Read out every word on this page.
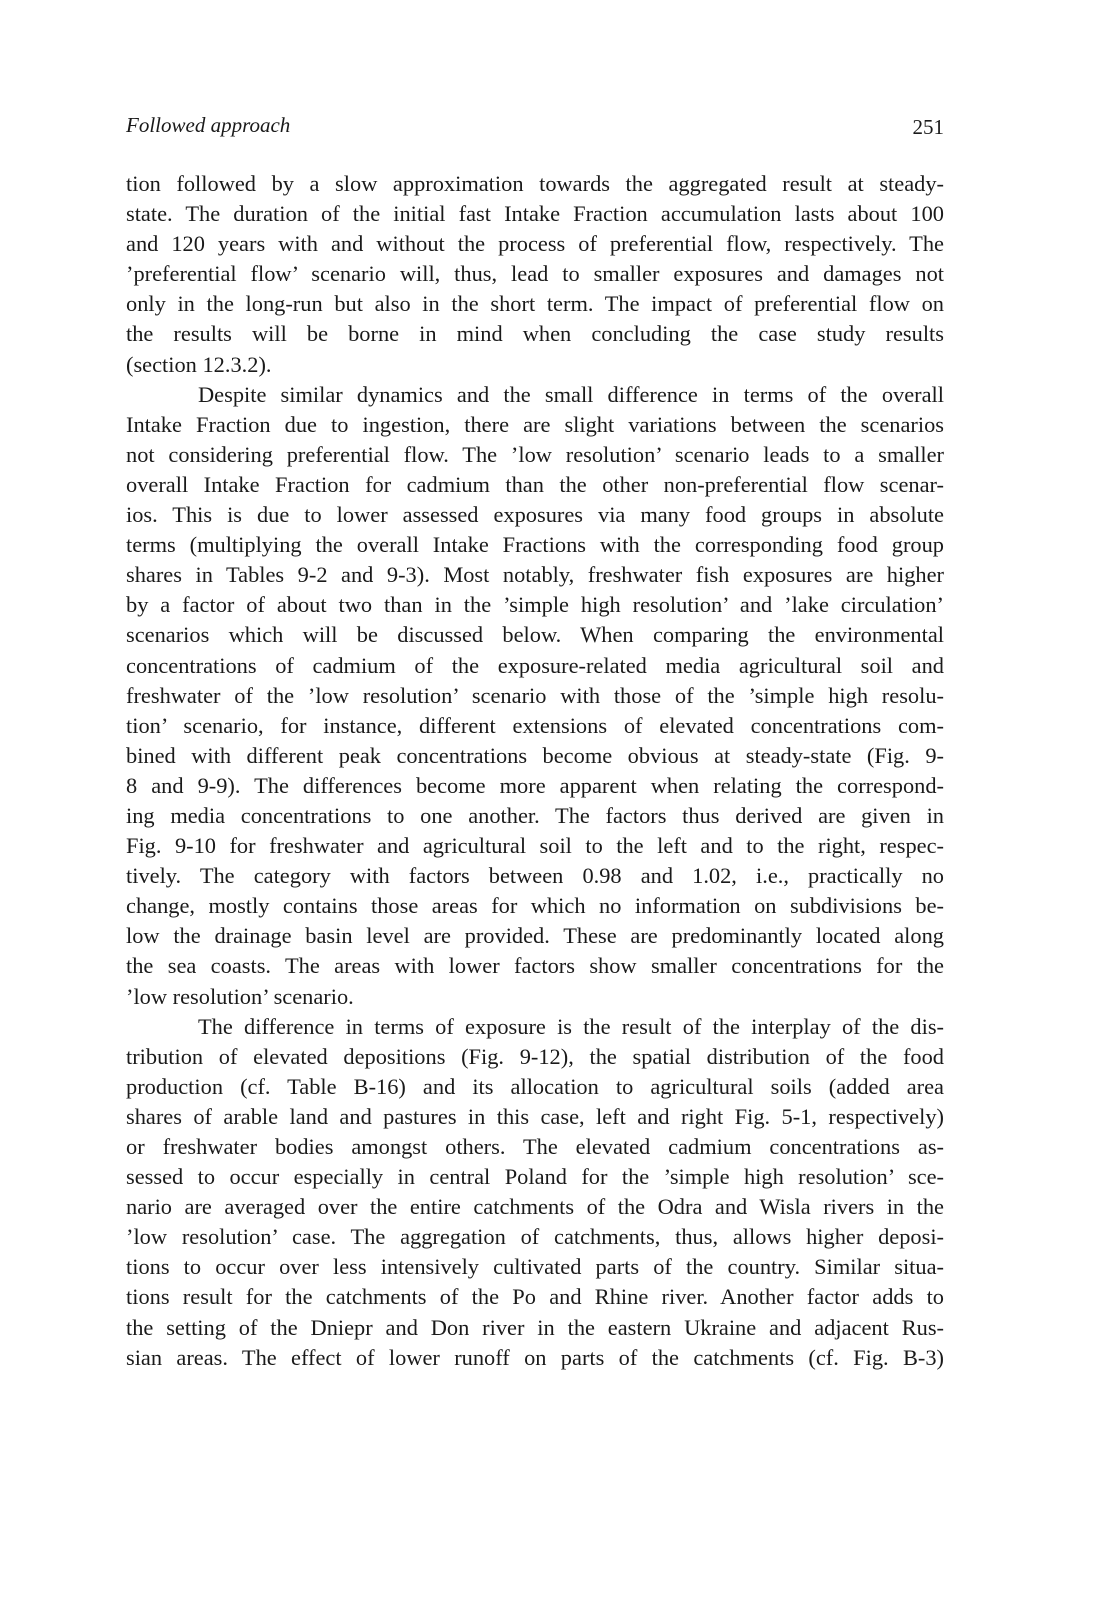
Followed approach	251
tion followed by a slow approximation towards the aggregated result at steady-
state. The duration of the initial fast Intake Fraction accumulation lasts about 100
and 120 years with and without the process of preferential flow, respectively. The
’preferential flow’ scenario will, thus, lead to smaller exposures and damages not
only in the long-run but also in the short term. The impact of preferential flow on
the results will be borne in mind when concluding the case study results
(section 12.3.2).
Despite similar dynamics and the small difference in terms of the overall
Intake Fraction due to ingestion, there are slight variations between the scenarios
not considering preferential flow. The ’low resolution’ scenario leads to a smaller
overall Intake Fraction for cadmium than the other non-preferential flow scenar-
ios. This is due to lower assessed exposures via many food groups in absolute
terms (multiplying the overall Intake Fractions with the corresponding food group
shares in Tables 9-2 and 9-3). Most notably, freshwater fish exposures are higher
by a factor of about two than in the ’simple high resolution’ and ’lake circulation’
scenarios which will be discussed below. When comparing the environmental
concentrations of cadmium of the exposure-related media agricultural soil and
freshwater of the ’low resolution’ scenario with those of the ’simple high resolu-
tion’ scenario, for instance, different extensions of elevated concentrations com-
bined with different peak concentrations become obvious at steady-state (Fig. 9-
8 and 9-9). The differences become more apparent when relating the correspond-
ing media concentrations to one another. The factors thus derived are given in
Fig. 9-10 for freshwater and agricultural soil to the left and to the right, respec-
tively. The category with factors between 0.98 and 1.02, i.e., practically no
change, mostly contains those areas for which no information on subdivisions be-
low the drainage basin level are provided. These are predominantly located along
the sea coasts. The areas with lower factors show smaller concentrations for the
’low resolution’ scenario.
The difference in terms of exposure is the result of the interplay of the dis-
tribution of elevated depositions (Fig. 9-12), the spatial distribution of the food
production (cf. Table B-16) and its allocation to agricultural soils (added area
shares of arable land and pastures in this case, left and right Fig. 5-1, respectively)
or freshwater bodies amongst others. The elevated cadmium concentrations as-
sessed to occur especially in central Poland for the ’simple high resolution’ sce-
nario are averaged over the entire catchments of the Odra and Wisla rivers in the
’low resolution’ case. The aggregation of catchments, thus, allows higher deposi-
tions to occur over less intensively cultivated parts of the country. Similar situa-
tions result for the catchments of the Po and Rhine river. Another factor adds to
the setting of the Dniepr and Don river in the eastern Ukraine and adjacent Rus-
sian areas. The effect of lower runoff on parts of the catchments (cf. Fig. B-3)
